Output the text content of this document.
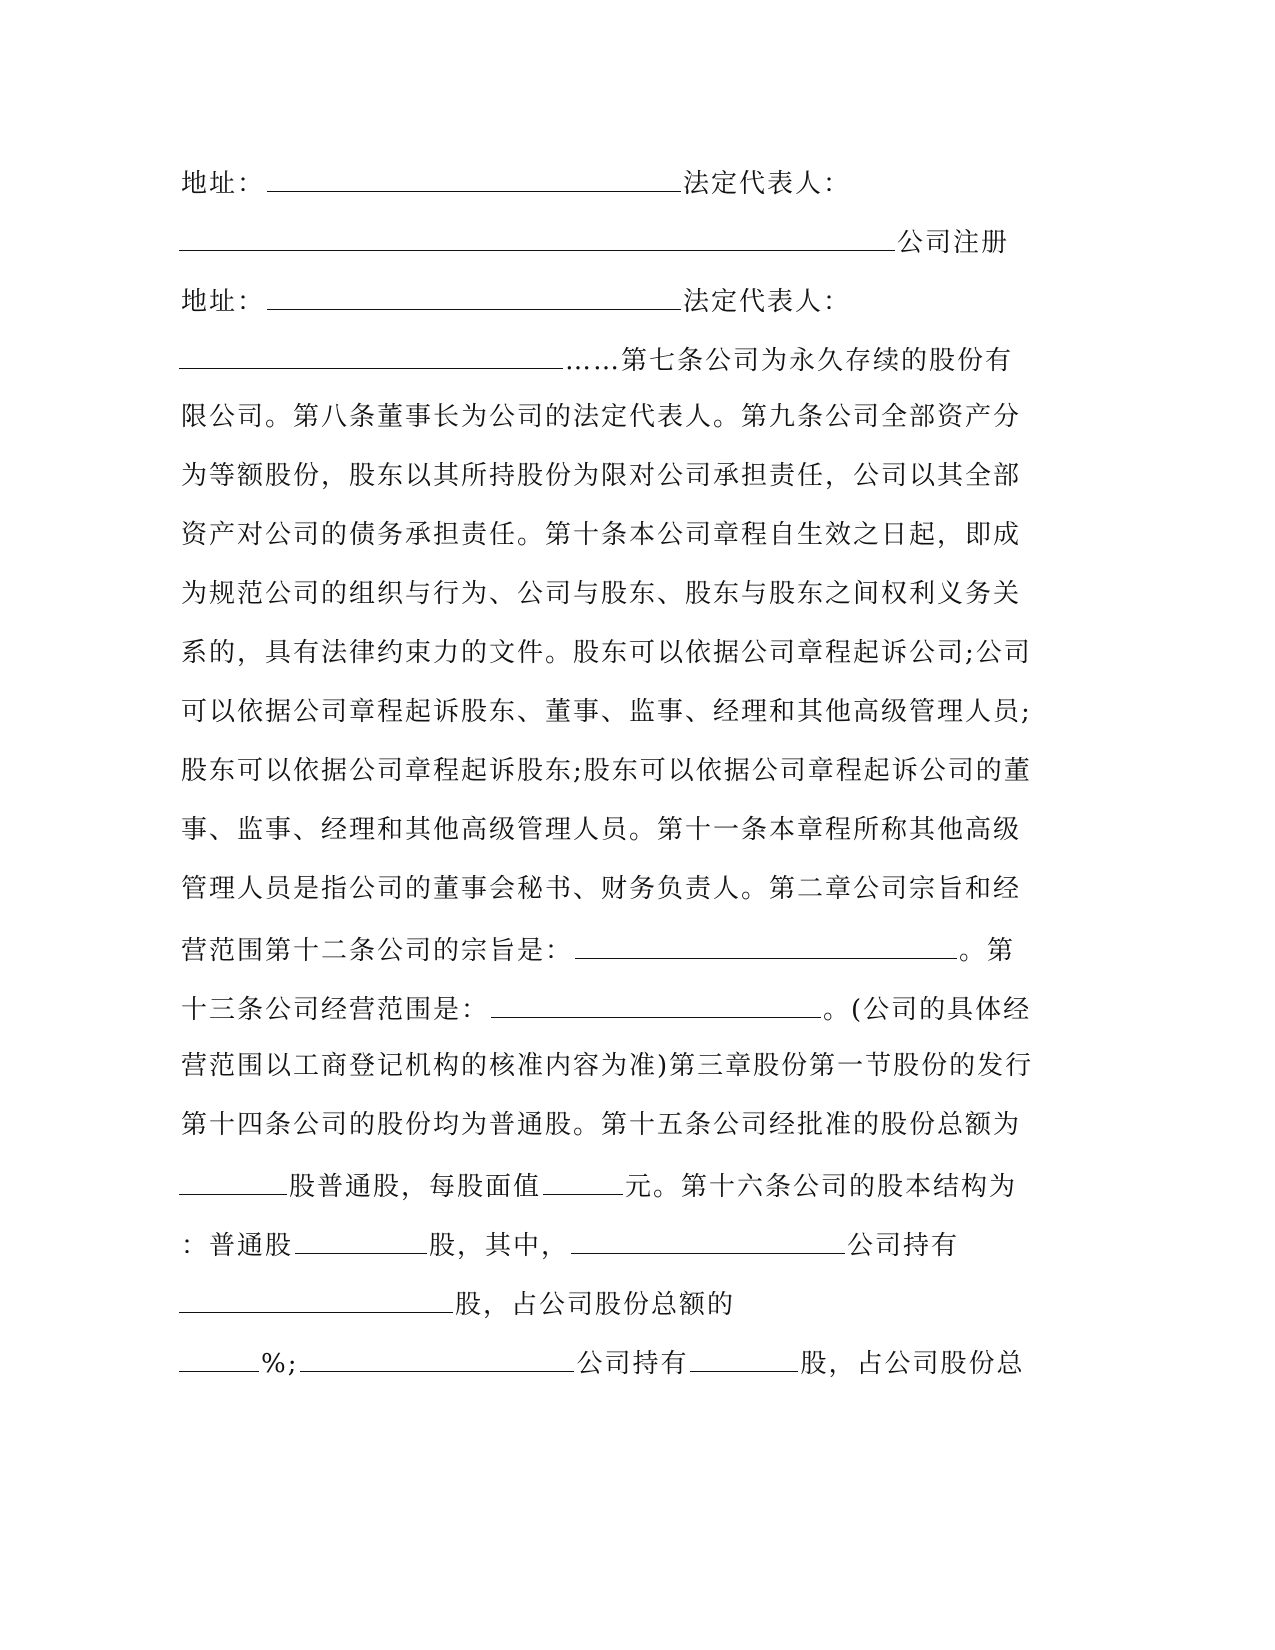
地址：	法定代表人：
公司注册
地址：	法定代表人：
……第七条公司为永久存续的股份有
限公司。第八条董事长为公司的法定代表人。第九条公司全部资产分
为等额股份，股东以其所持股份为限对公司承担责任，公司以其全部
资产对公司的债务承担责任。第十条本公司章程自生效之日起，即成
为规范公司的组织与行为、公司与股东、股东与股东之间权利义务关
系的，具有法律约束力的文件。股东可以依据公司章程起诉公司;公司
可以依据公司章程起诉股东、董事、监事、经理和其他高级管理人员;
股东可以依据公司章程起诉股东;股东可以依据公司章程起诉公司的董
事、监事、经理和其他高级管理人员。第十一条本章程所称其他高级
管理人员是指公司的董事会秘书、财务负责人。第二章公司宗旨和经
营范围第十二条公司的宗旨是：	。第
十三条公司经营范围是：	。(公司的具体经
营范围以工商登记机构的核准内容为准)第三章股份第一节股份的发行
第十四条公司的股份均为普通股。第十五条公司经批准的股份总额为
股普通股，每股面值	元。第十六条公司的股本结构为
：普通股	股，其中，	公司持有
股，占公司股份总额的
%;	公司持有	股，占公司股份总
